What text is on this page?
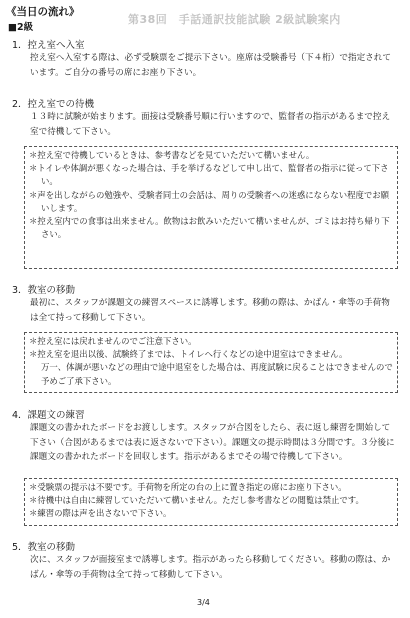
第38回　手話通訳技能試験 2級試験案内
《当日の流れ》
■2級
1．控え室へ入室

控え室へ入室する際は、必ず受験票をご提示下さい。座席は受験番号（下４桁）で指定されています。ご自分の番号の席にお座り下さい。

2．控え室での待機

１３時に試験が始まります。面接は受験番号順に行いますので、監督者の指示があるまで控え室で待機して下さい。

＊控え室で待機しているときは、参考書などを見ていただいて構いません。

＊トイレや体調が悪くなった場合は、手を挙げるなどして申し出て、監督者の指示に従って下さい。

＊声を出しながらの勉強や、受験者同士の会話は、周りの受験者への迷惑にならない程度でお願いします。

＊控え室内での食事は出来ません。飲物はお飲みいただいて構いませんが、ゴミはお持ち帰り下さい。

3．教室の移動

最初に、スタッフが課題文の練習スペースに誘導します。移動の際は、かばん・傘等の手荷物は全て持って移動して下さい。

＊控え室には戻れませんのでご注意下さい。

＊控え室を退出以後、試験終了までは、トイレへ行くなどの途中退室はできません。

万一、体調が悪いなどの理由で途中退室をした場合は、再度試験に戻ることはできませんので予めご了承下さい。

4．課題文の練習

課題文の書かれたボードをお渡しします。スタッフが合図をしたら、表に返し練習を開始して下さい（合図があるまでは表に返さないで下さい）。課題文の提示時間は３分間です。３分後に課題文の書かれたボードを回収します。指示があるまでその場で待機して下さい。

＊受験票の提示は不要です。手荷物を所定の台の上に置き指定の席にお座り下さい。

＊待機中は自由に練習していただいて構いません。ただし参考書などの閲覧は禁止です。

＊練習の際は声を出さないで下さい。

5．教室の移動

次に、スタッフが面接室まで誘導します。指示があったら移動してください。移動の際は、かばん・傘等の手荷物は全て持って移動して下さい。

3/4
